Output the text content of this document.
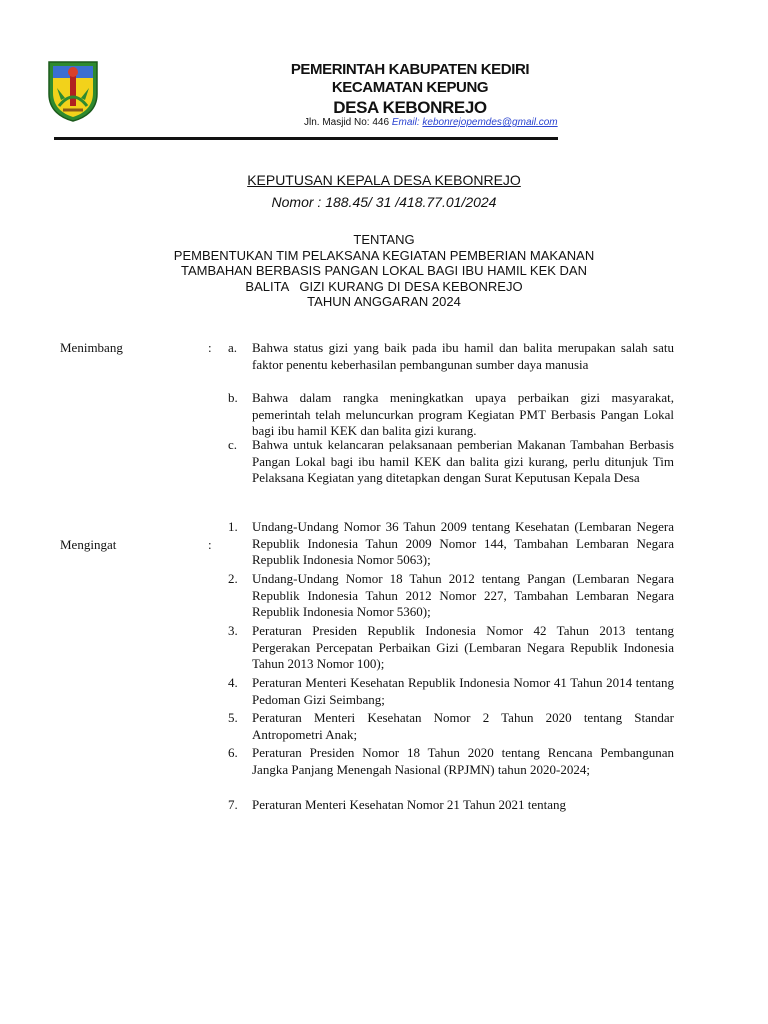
PEMERINTAH KABUPATEN KEDIRI
KECAMATAN KEPUNG
DESA KEBONREJO
Jln. Masjid No: 446 Email: kebonrejopemdes@gmail.com
KEPUTUSAN KEPALA DESA KEBONREJO
Nomor : 188.45/ 31 /418.77.01/2024
TENTANG
PEMBENTUKAN TIM PELAKSANA KEGIATAN PEMBERIAN MAKANAN
TAMBAHAN BERBASIS PANGAN LOKAL BAGI IBU HAMIL KEK DAN
BALITA   GIZI KURANG DI DESA KEBONREJO
TAHUN ANGGARAN 2024
Menimbang	: a.	Bahwa status gizi yang baik pada ibu hamil dan balita merupakan salah satu faktor penentu keberhasilan pembangunan sumber daya manusia
b.	Bahwa dalam rangka meningkatkan upaya perbaikan gizi masyarakat, pemerintah telah meluncurkan program Kegiatan PMT Berbasis Pangan Lokal bagi ibu hamil KEK dan balita gizi kurang.
c.	Bahwa untuk kelancaran pelaksanaan pemberian Makanan Tambahan Berbasis Pangan Lokal bagi ibu hamil KEK dan balita gizi kurang, perlu ditunjuk Tim Pelaksana Kegiatan yang ditetapkan dengan Surat Keputusan Kepala Desa
Mengingat	:
1.	Undang-Undang Nomor 36 Tahun 2009 tentang Kesehatan (Lembaran Negera Republik Indonesia Tahun 2009 Nomor 144, Tambahan Lembaran Negara Republik Indonesia Nomor 5063);
2.	Undang-Undang Nomor 18 Tahun 2012 tentang Pangan (Lembaran Negara Republik Indonesia Tahun 2012 Nomor 227, Tambahan Lembaran Negara Republik Indonesia Nomor 5360);
3.	Peraturan Presiden Republik Indonesia Nomor 42 Tahun 2013 tentang Pergerakan Percepatan Perbaikan Gizi (Lembaran Negara Republik Indonesia Tahun 2013 Nomor 100);
4.	Peraturan Menteri Kesehatan Republik Indonesia Nomor 41 Tahun 2014 tentang Pedoman Gizi Seimbang;
5.	Peraturan Menteri Kesehatan Nomor 2 Tahun 2020 tentang Standar Antropometri Anak;
6.	Peraturan Presiden Nomor 18 Tahun 2020 tentang Rencana Pembangunan Jangka Panjang Menengah Nasional (RPJMN) tahun 2020-2024;
7.	Peraturan Menteri Kesehatan Nomor 21 Tahun 2021 tentang
